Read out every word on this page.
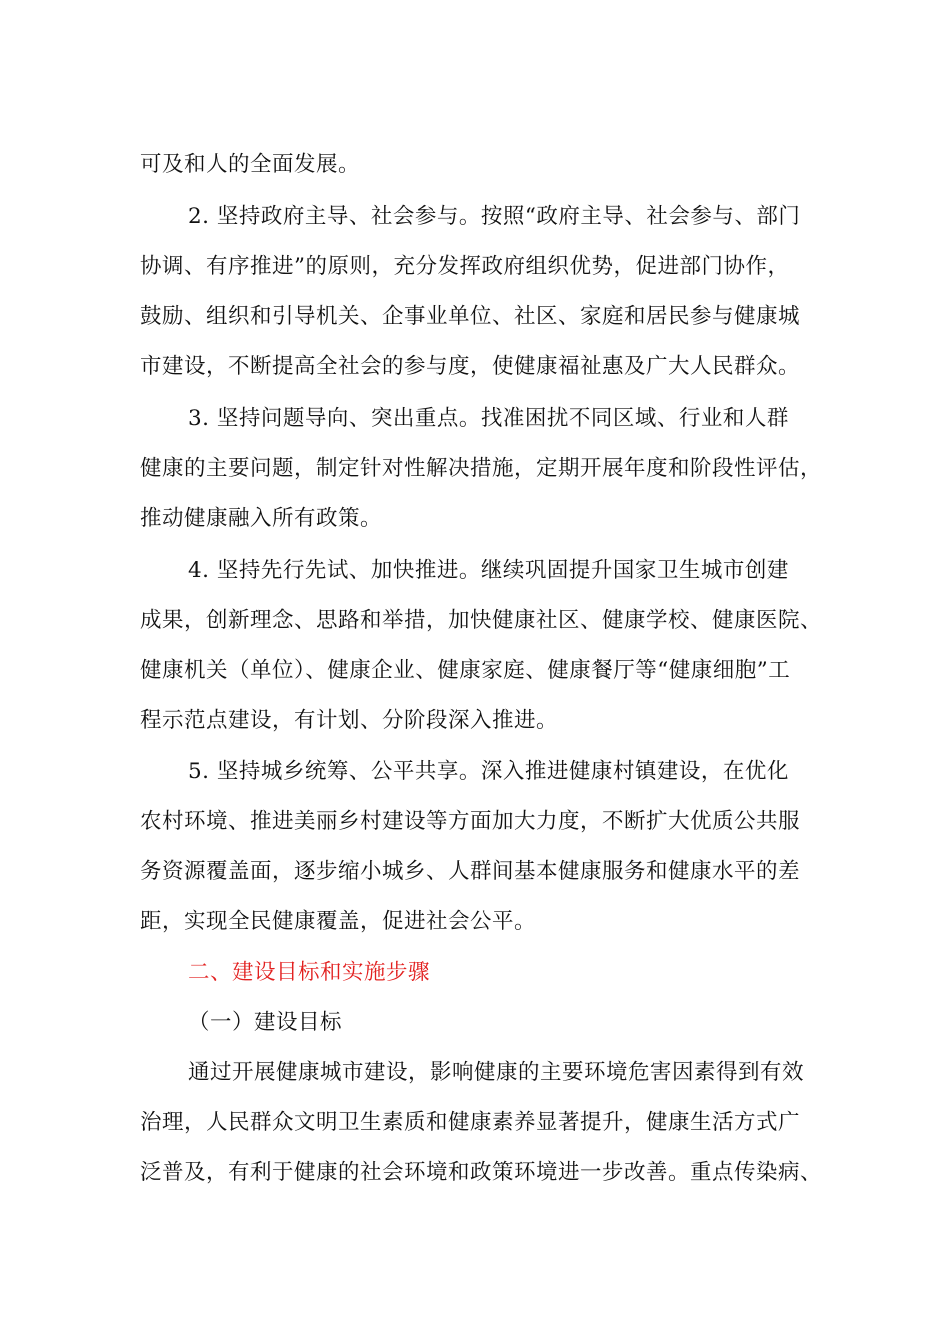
可及和人的全面发展。
2. 坚持政府主导、社会参与。按照“政府主导、社会参与、部门
协调、有序推进”的原则，充分发挥政府组织优势，促进部门协作，
鼓励、组织和引导机关、企事业单位、社区、家庭和居民参与健康城
市建设，不断提高全社会的参与度，使健康福祉惠及广大人民群众。
3. 坚持问题导向、突出重点。找准困扰不同区域、行业和人群
健康的主要问题，制定针对性解决措施，定期开展年度和阶段性评估，
推动健康融入所有政策。
4. 坚持先行先试、加快推进。继续巩固提升国家卫生城市创建
成果，创新理念、思路和举措，加快健康社区、健康学校、健康医院、
健康机关（单位）、健康企业、健康家庭、健康餐厅等“健康细胞”工
程示范点建设，有计划、分阶段深入推进。
5. 坚持城乡统筹、公平共享。深入推进健康村镇建设，在优化
农村环境、推进美丽乡村建设等方面加大力度，不断扩大优质公共服
务资源覆盖面，逐步缩小城乡、人群间基本健康服务和健康水平的差
距，实现全民健康覆盖，促进社会公平。
二、建设目标和实施步骤
（一）建设目标
通过开展健康城市建设，影响健康的主要环境危害因素得到有效
治理，人民群众文明卫生素质和健康素养显著提升，健康生活方式广
泛普及，有利于健康的社会环境和政策环境进一步改善。重点传染病、
